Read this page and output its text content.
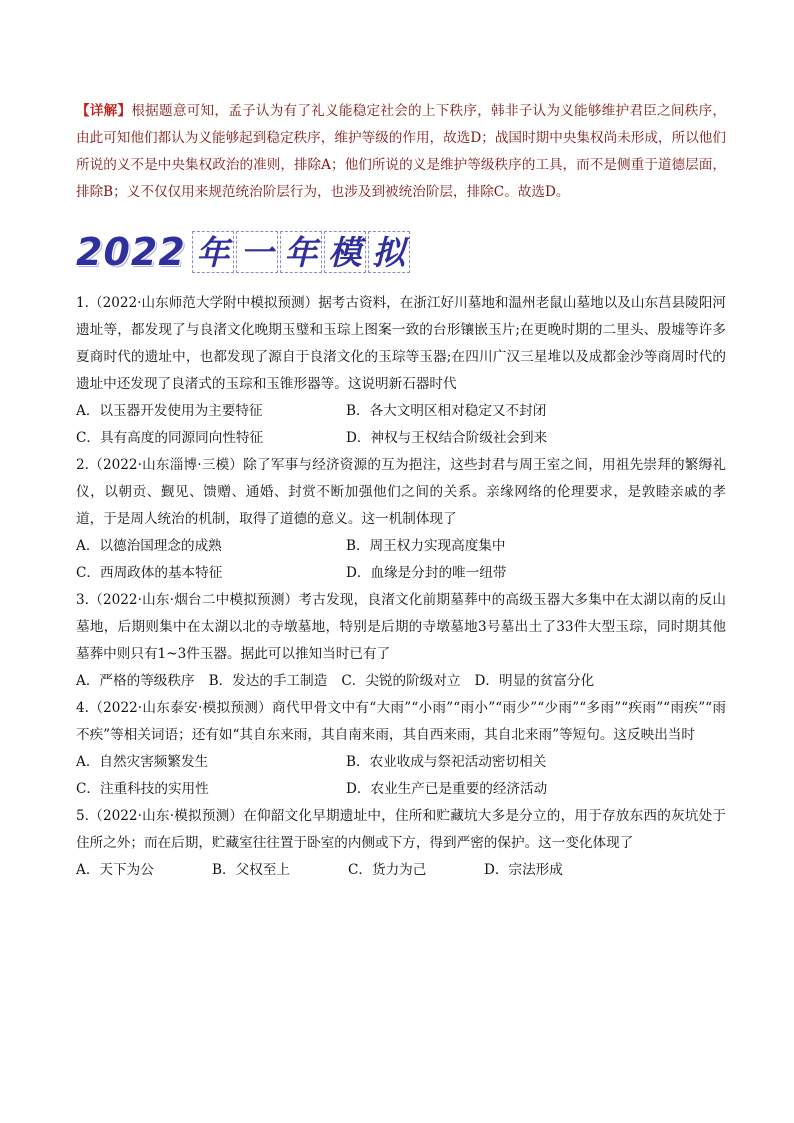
【详解】根据题意可知，孟子认为有了礼义能稳定社会的上下秩序，韩非子认为义能够维护君臣之间秩序，由此可知他们都认为义能够起到稳定秩序，维护等级的作用，故选D；战国时期中央集权尚未形成，所以他们所说的义不是中央集权政治的准则，排除A；他们所说的义是维护等级秩序的工具，而不是侧重于道德层面，排除B；义不仅仅用来规范统治阶层行为，也涉及到被统治阶层，排除C。故选D。
2022 年 一 年 模 拟
1.（2022·山东师范大学附中模拟预测）据考古资料，在浙江好川墓地和温州老鼠山墓地以及山东莒县陵阳河遗址等，都发现了与良渚文化晚期玉璧和玉琮上图案一致的台形镶嵌玉片;在更晚时期的二里头、殷墟等许多夏商时代的遗址中，也都发现了源自于良渚文化的玉琮等玉器;在四川广汉三星堆以及成都金沙等商周时代的遗址中还发现了良渚式的玉琮和玉锥形器等。这说明新石器时代
A．以玉器开发使用为主要特征	B．各大文明区相对稳定又不封闭
C．具有高度的同源同向性特征	D．神权与王权结合阶级社会到来
2.（2022·山东淄博·三模）除了军事与经济资源的互为挹注，这些封君与周王室之间，用祖先崇拜的繁缛礼仪，以朝贡、觐见、馈赠、通婚、封赏不断加强他们之间的关系。亲缘网络的伦理要求，是敦睦亲戚的孝道，于是周人统治的机制，取得了道德的意义。这一机制体现了
A．以德治国理念的成熟	B．周王权力实现高度集中
C．西周政体的基本特征	D．血缘是分封的唯一纽带
3.（2022·山东·烟台二中模拟预测）考古发现，良渚文化前期墓葬中的高级玉器大多集中在太湖以南的反山墓地，后期则集中在太湖以北的寺墩墓地，特别是后期的寺墩墓地3号墓出土了33件大型玉琮，同时期其他墓葬中则只有1~3件玉器。据此可以推知当时已有了
A．严格的等级秩序 B．发达的手工制造 C．尖锐的阶级对立 D．明显的贫富分化
4.（2022·山东泰安·模拟预测）商代甲骨文中有“大雨”“小雨”“雨小”“雨少”“少雨”“多雨”“疾雨”“雨疾”“雨不疾”等相关词语；还有如“其自东来雨，其自南来雨，其自西来雨，其自北来雨”等短句。这反映出当时
A．自然灾害频繁发生	B．农业收成与祭祀活动密切相关
C．注重科技的实用性	D．农业生产已是重要的经济活动
5.（2022·山东·模拟预测）在仰韶文化早期遗址中，住所和贮藏坑大多是分立的，用于存放东西的灰坑处于住所之外；而在后期，贮藏室往往置于卧室的内侧或下方，得到严密的保护。这一变化体现了
A．天下为公	B．父权至上	C．货力为己	D．宗法形成
